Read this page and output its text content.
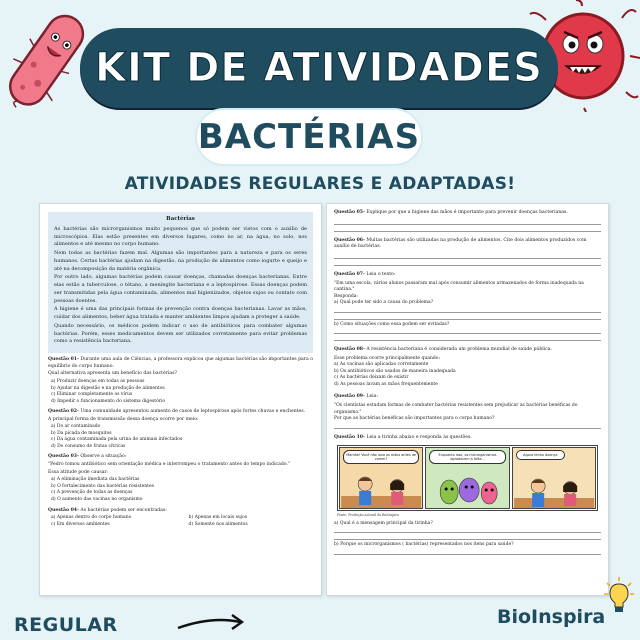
KIT DE ATIVIDADES
BACTÉRIAS
ATIVIDADES REGULARES E ADAPTADAS!
Bactérias

As bactérias são microrganismos muito pequenos que só podem ser vistos com o auxílio de microscópios. Elas estão presentes em diversos lugares, como no ar, na água, no solo, nos alimentos e até mesmo no corpo humano.

Nem todas as bactérias fazem mal. Algumas são importantes para a natureza e para os seres humanos. Certas bactérias ajudam na digestão, na produção de alimentos como iogurte e queijo e até na decomposição da matéria orgânica.

Por outro lado, algumas bactérias podem causar doenças, chamadas doenças bacterianas. Entre elas estão a tuberculose, o tétano, a meningite bacteriana e a leptospirose. Essas doenças podem ser transmitidas pela água contaminada, alimentos mal higienizados, objetos sujos ou contato com pessoas doentes.

A higiene é uma das principais formas de prevenção contra doenças bacterianas. Lavar as mãos, cuidar dos alimentos, beber água tratada e manter ambientes limpos ajudam a proteger a saúde.

Quando necessário, os médicos podem indicar o uso de antibióticos para combater algumas bactérias. Porém, esses medicamentos devem ser utilizados corretamente para evitar problemas como a resistência bacteriana.

Questão 01- Durante uma aula de Ciências, a professora explicou que algumas bactérias são importantes para o equilíbrio do corpo humano.
Qual alternativa apresenta um benefício das bactérias?
a) Produzir doenças em todas as pessoas
b) Ajudar na digestão e na produção de alimentos
c) Eliminar completamente os vírus
d) Impedir o funcionamento do sistema digestório
Questão 02- Uma comunidade apresentou aumento de casos de leptospirose após fortes chuvas e enchentes.
A principal forma de transmissão dessa doença ocorre por meio:
a) Do ar contaminado
b) Da picada de mosquitos
c) Da água contaminada pela urina de animais infectados
d) Do consumo de frutas cítricas
Questão 03- Observe a situação:
"Pedro tomou antibiótico sem orientação médica e interrompeu o tratamento antes do tempo indicado."
Essa atitude pode causar:
a) A eliminação imediata das bactérias
b) O fortalecimento das bactérias resistentes
c) A prevenção de todas as doenças
d) O aumento das vacinas no organismo
Questão 04- As bactérias podem ser encontradas:
a) Apenas dentro do corpo humano	b) Apenas em locais sujos
c) Em diversos ambientes	d) Somente nos alimentos
Questão 05- Explique por que a higiene das mãos é importante para prevenir doenças bacterianas.
Questão 06- Muitas bactérias são utilizadas na produção de alimentos. Cite dois alimentos produzidos com auxílio de bactérias.
Questão 07- Leia o texto:
"Em uma escola, vários alunos passaram mal após consumir alimentos armazenados de forma inadequada na cantina."
Responda:
a) Qual pode ter sido a causa do problema?
b) Como situações como essa podem ser evitadas?
Questão 08- A resistência bacteriana é considerada um problema mundial de saúde pública.
Esse problema ocorre principalmente quando:
a) As vacinas são aplicadas corretamente
b) Os antibióticos são usados de maneira inadequada
c) As bactérias deixam de existir
d) As pessoas lavam as mãos frequentemente
Questão 09- Leia:
"Os cientistas estudam formas de combater bactérias resistentes sem prejudicar as bactérias benéficas do organismo."
Por que as bactérias benéficas são importantes para o corpo humano?
Questão 10- Leia a tirinha abaixo e responda às questões.
Mamãe! Você não lava as mãos antes de comer?
Enquanto isso, os microrganismos agradecem a falta...
Agora tenho doença
Fonte: Produção autoral da BioInspira
a) Qual é a mensagem principal da tirinha?
b) Porque os microrganismos ( bactérias) representados nos itens para saúde?
REGULAR	BioInspira
